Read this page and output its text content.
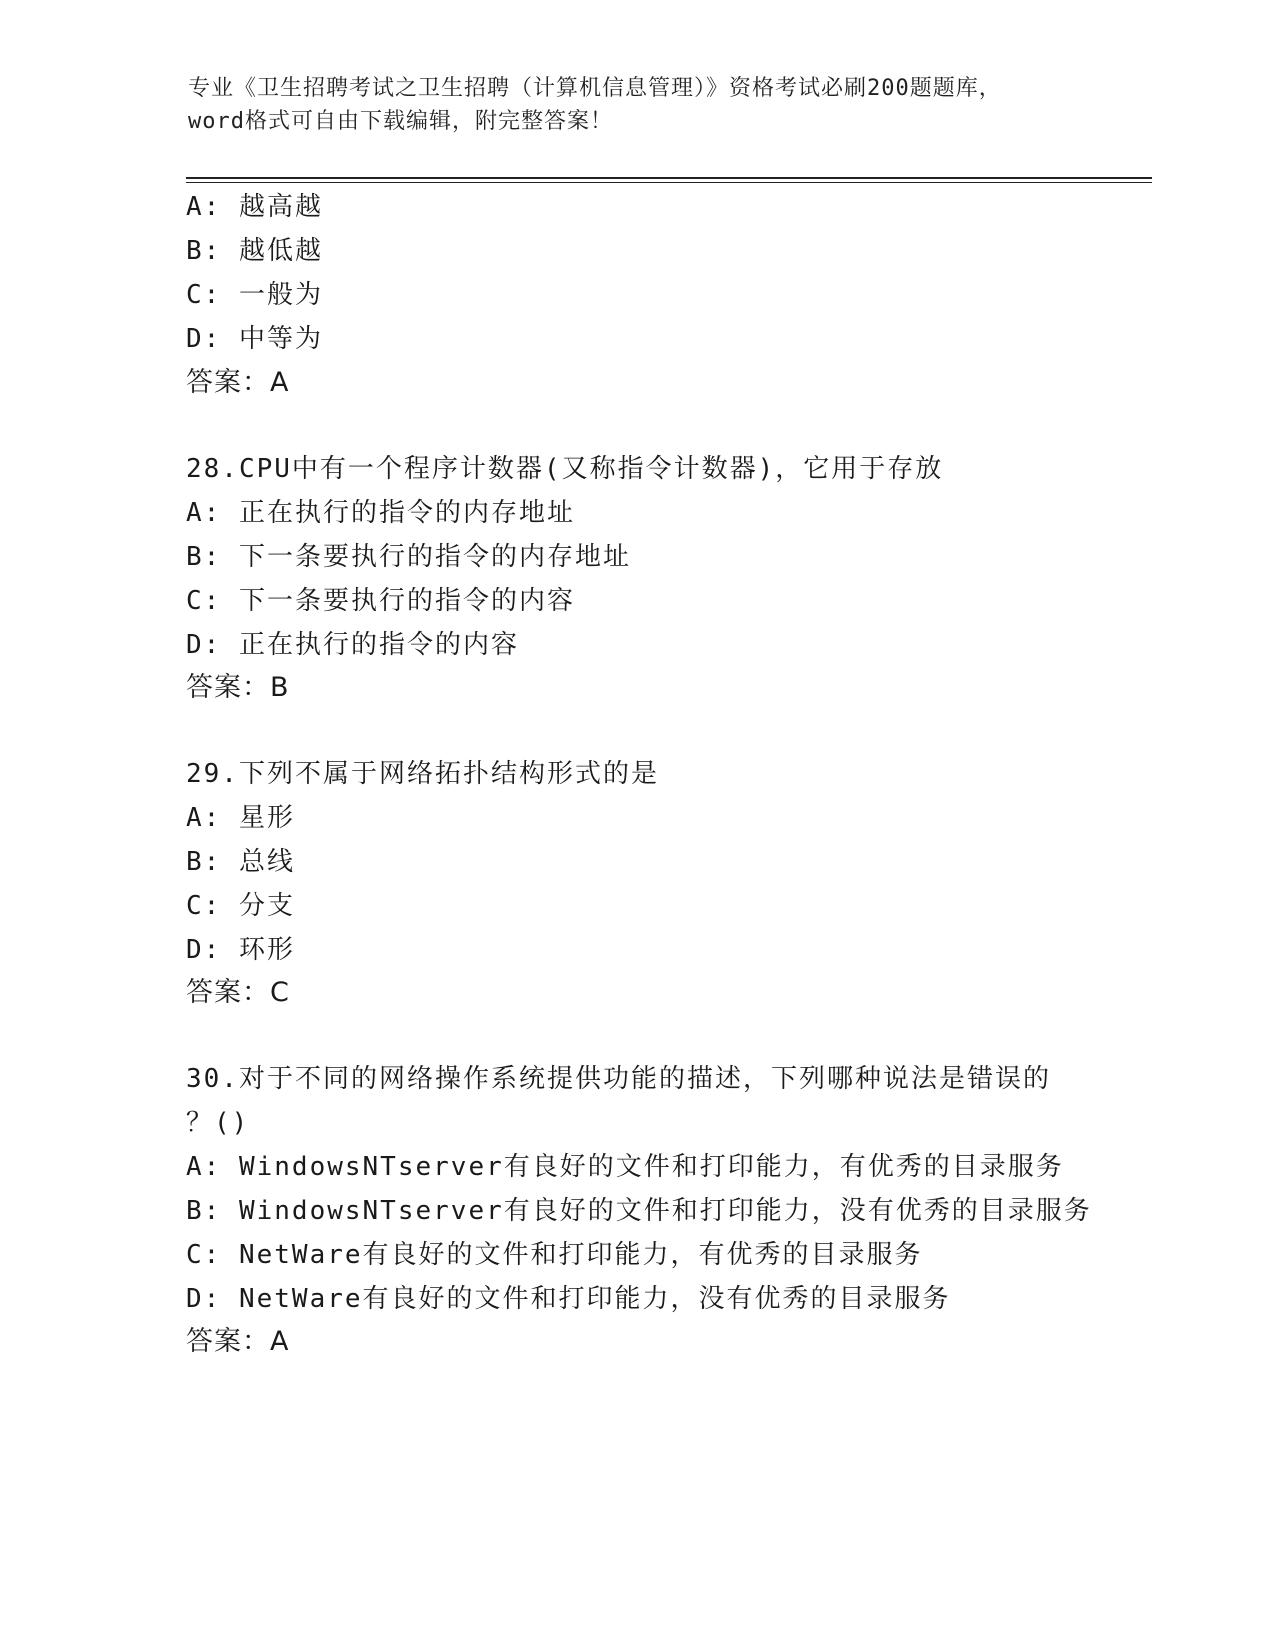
专业《卫生招聘考试之卫生招聘（计算机信息管理）》资格考试必刷200题题库，
word格式可自由下载编辑，附完整答案！
A: 越高越
B: 越低越
C: 一般为
D: 中等为
答案：A
28.CPU中有一个程序计数器(又称指令计数器)，它用于存放
A: 正在执行的指令的内存地址
B: 下一条要执行的指令的内存地址
C: 下一条要执行的指令的内容
D: 正在执行的指令的内容
答案：B
29.下列不属于网络拓扑结构形式的是
A: 星形
B: 总线
C: 分支
D: 环形
答案：C
30.对于不同的网络操作系统提供功能的描述，下列哪种说法是错误的
？()
A: WindowsNTserver有良好的文件和打印能力，有优秀的目录服务
B: WindowsNTserver有良好的文件和打印能力，没有优秀的目录服务
C: NetWare有良好的文件和打印能力，有优秀的目录服务
D: NetWare有良好的文件和打印能力，没有优秀的目录服务
答案：A
